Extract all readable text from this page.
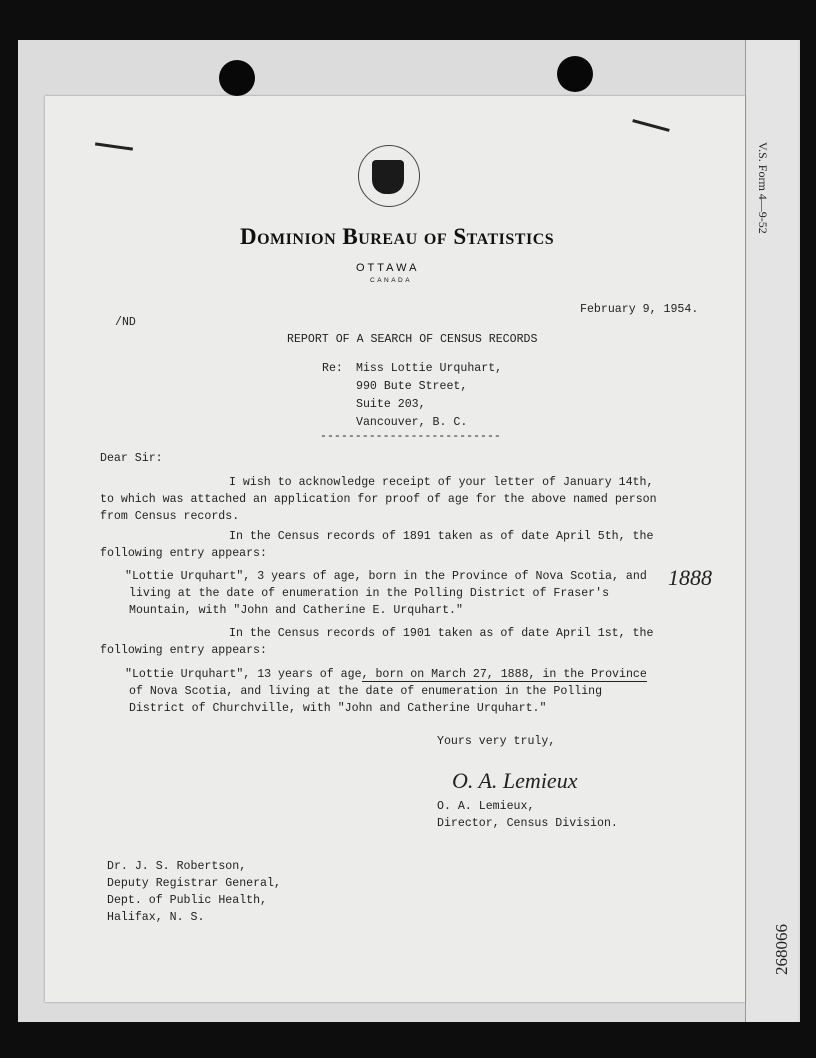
V.S. Form 4—9-52
268066
Dominion Bureau of Statistics
OTTAWA
CANADA
February 9, 1954.
/ND
REPORT OF A SEARCH OF CENSUS RECORDS
Re: Miss Lottie Urquhart,
990 Bute Street,
Suite 203,
Vancouver, B. C.
--------------------------
Dear Sir:
I wish to acknowledge receipt of your letter of January 14th,
to which was attached an application for proof of age for the above named person
from Census records.
In the Census records of 1891 taken as of date April 5th, the
following entry appears:
"Lottie Urquhart", 3 years of age, born in the Province of Nova Scotia, and
living at the date of enumeration in the Polling District of Fraser's
Mountain, with "John and Catherine E. Urquhart."
In the Census records of 1901 taken as of date April 1st, the
following entry appears:
"Lottie Urquhart", 13 years of age, born on March 27, 1888, in the Province
of Nova Scotia, and living at the date of enumeration in the Polling
District of Churchville, with "John and Catherine Urquhart."
1888
Yours very truly,
O. A. Lemieux
O. A. Lemieux,
Director, Census Division.
Dr. J. S. Robertson,
Deputy Registrar General,
Dept. of Public Health,
Halifax, N. S.
